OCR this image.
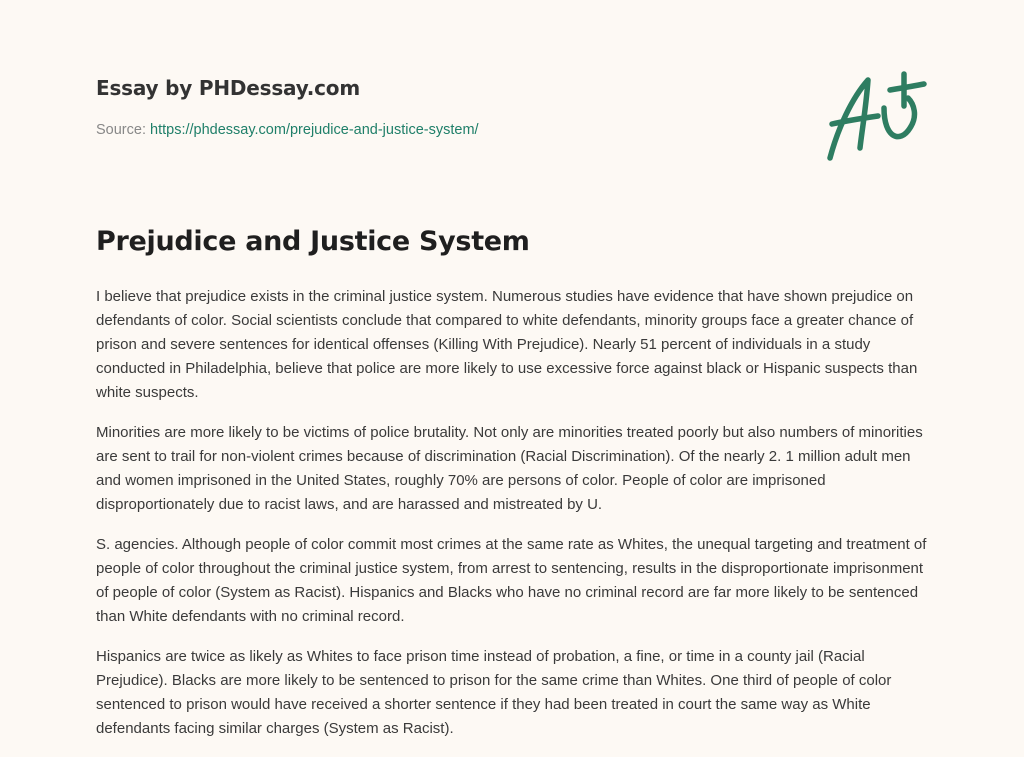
Essay by PHDessay.com
Source: https://phdessay.com/prejudice-and-justice-system/
Prejudice and Justice System

I believe that prejudice exists in the criminal justice system. Numerous studies have evidence that have shown prejudice on defendants of color. Social scientists conclude that compared to white defendants, minority groups face a greater chance of prison and severe sentences for identical offenses (Killing With Prejudice). Nearly 51 percent of individuals in a study conducted in Philadelphia, believe that police are more likely to use excessive force against black or Hispanic suspects than white suspects.

Minorities are more likely to be victims of police brutality. Not only are minorities treated poorly but also numbers of minorities are sent to trail for non-violent crimes because of discrimination (Racial Discrimination). Of the nearly 2. 1 million adult men and women imprisoned in the United States, roughly 70% are persons of color. People of color are imprisoned disproportionately due to racist laws, and are harassed and mistreated by U.

S. agencies. Although people of color commit most crimes at the same rate as Whites, the unequal targeting and treatment of people of color throughout the criminal justice system, from arrest to sentencing, results in the disproportionate imprisonment of people of color (System as Racist). Hispanics and Blacks who have no criminal record are far more likely to be sentenced than White defendants with no criminal record.

Hispanics are twice as likely as Whites to face prison time instead of probation, a fine, or time in a county jail (Racial Prejudice). Blacks are more likely to be sentenced to prison for the same crime than Whites. One third of people of color sentenced to prison would have received a shorter sentence if they had been treated in court the same way as White defendants facing similar charges (System as Racist).
